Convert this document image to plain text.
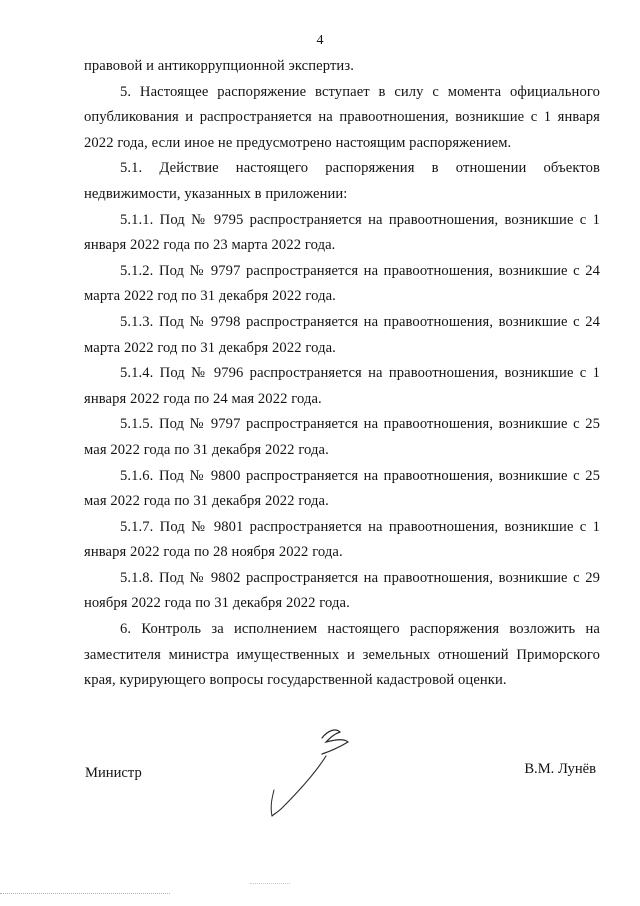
4

правовой и антикоррупционной экспертиз.

5. Настоящее распоряжение вступает в силу с момента официального опубликования и распространяется на правоотношения, возникшие с 1 января 2022 года, если иное не предусмотрено настоящим распоряжением.

5.1. Действие настоящего распоряжения в отношении объектов недвижимости, указанных в приложении:

5.1.1. Под № 9795 распространяется на правоотношения, возникшие с 1 января 2022 года по 23 марта 2022 года.

5.1.2. Под № 9797 распространяется на правоотношения, возникшие с 24 марта 2022 год по 31 декабря 2022 года.

5.1.3. Под № 9798 распространяется на правоотношения, возникшие с 24 марта 2022 год по 31 декабря 2022 года.

5.1.4. Под № 9796 распространяется на правоотношения, возникшие с 1 января 2022 года по 24 мая 2022 года.

5.1.5. Под № 9797 распространяется на правоотношения, возникшие с 25 мая 2022 года по 31 декабря 2022 года.

5.1.6. Под № 9800 распространяется на правоотношения, возникшие с 25 мая 2022 года по 31 декабря 2022 года.

5.1.7. Под № 9801 распространяется на правоотношения, возникшие с 1 января 2022 года по 28 ноября 2022 года.

5.1.8. Под № 9802 распространяется на правоотношения, возникшие с 29 ноября 2022 года по 31 декабря 2022 года.

6. Контроль за исполнением настоящего распоряжения возложить на заместителя министра имущественных и земельных отношений Приморского края, курирующего вопросы государственной кадастровой оценки.

Министр	В.М. Лунёв
